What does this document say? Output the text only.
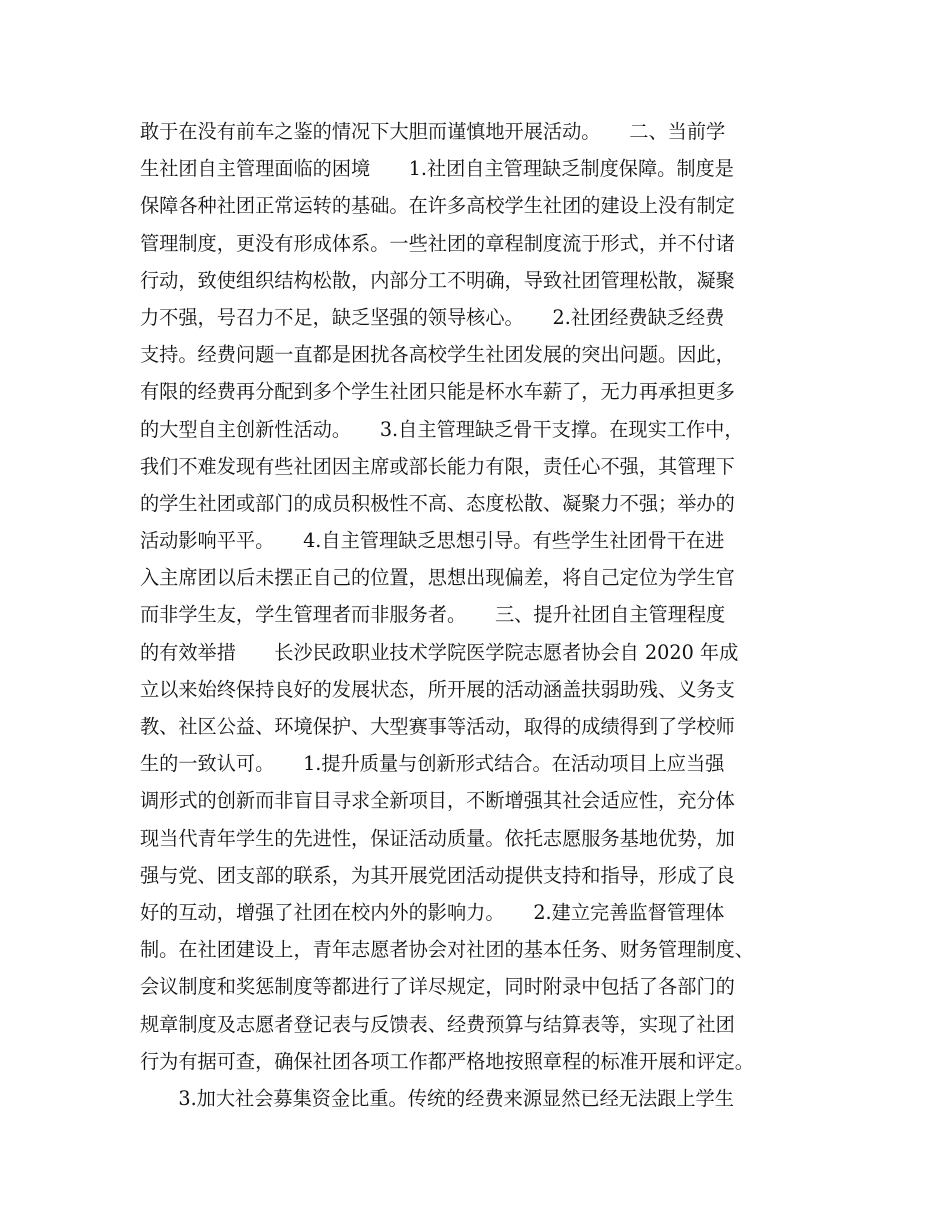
敢于在没有前车之鉴的情况下大胆而谨慎地开展活动。　　二、当前学
生社团自主管理面临的困境　　1.社团自主管理缺乏制度保障。制度是
保障各种社团正常运转的基础。在许多高校学生社团的建设上没有制定
管理制度，更没有形成体系。一些社团的章程制度流于形式，并不付诸
行动，致使组织结构松散，内部分工不明确，导致社团管理松散，凝聚
力不强，号召力不足，缺乏坚强的领导核心。　　2.社团经费缺乏经费
支持。经费问题一直都是困扰各高校学生社团发展的突出问题。因此，
有限的经费再分配到多个学生社团只能是杯水车薪了，无力再承担更多
的大型自主创新性活动。　　3.自主管理缺乏骨干支撑。在现实工作中，
我们不难发现有些社团因主席或部长能力有限，责任心不强，其管理下
的学生社团或部门的成员积极性不高、态度松散、凝聚力不强；举办的
活动影响平平。　　4.自主管理缺乏思想引导。有些学生社团骨干在进
入主席团以后未摆正自己的位置，思想出现偏差，将自己定位为学生官
而非学生友，学生管理者而非服务者。　　三、提升社团自主管理程度
的有效举措　　长沙民政职业技术学院医学院志愿者协会自 2020 年成
立以来始终保持良好的发展状态，所开展的活动涵盖扶弱助残、义务支
教、社区公益、环境保护、大型赛事等活动，取得的成绩得到了学校师
生的一致认可。　　1.提升质量与创新形式结合。在活动项目上应当强
调形式的创新而非盲目寻求全新项目，不断增强其社会适应性，充分体
现当代青年学生的先进性，保证活动质量。依托志愿服务基地优势，加
强与党、团支部的联系，为其开展党团活动提供支持和指导，形成了良
好的互动，增强了社团在校内外的影响力。　　2.建立完善监督管理体
制。在社团建设上，青年志愿者协会对社团的基本任务、财务管理制度、
会议制度和奖惩制度等都进行了详尽规定，同时附录中包括了各部门的
规章制度及志愿者登记表与反馈表、经费预算与结算表等，实现了社团
行为有据可查，确保社团各项工作都严格地按照章程的标准开展和评定。
　　3.加大社会募集资金比重。传统的经费来源显然已经无法跟上学生
